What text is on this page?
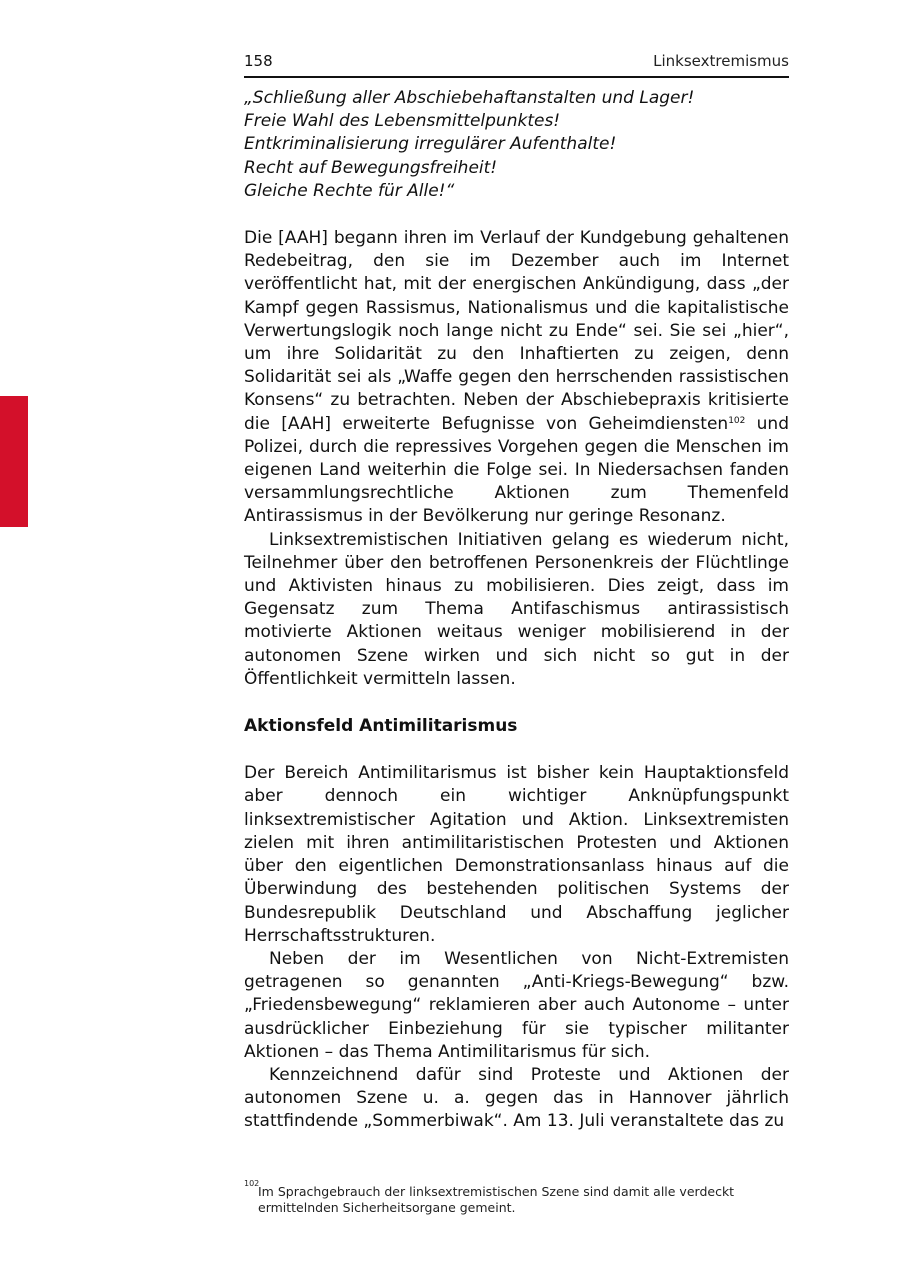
158	Linksextremismus
„Schließung aller Abschiebehaftanstalten und Lager!
Freie Wahl des Lebensmittelpunktes!
Entkriminalisierung irregulärer Aufenthalte!
Recht auf Bewegungsfreiheit!
Gleiche Rechte für Alle!“

Die [AAH] begann ihren im Verlauf der Kundgebung gehaltenen Redebeitrag, den sie im Dezember auch im Internet veröffentlicht hat, mit der energischen Ankündigung, dass „der Kampf gegen Rassismus, Nationalismus und die kapitalistische Verwertungslogik noch lange nicht zu Ende“ sei. Sie sei „hier“, um ihre Solidarität zu den Inhaftierten zu zeigen, denn Solidarität sei als „Waffe gegen den herrschenden rassistischen Konsens“ zu betrachten. Neben der Abschiebepraxis kritisierte die [AAH] erweiterte Befugnisse von Geheimdiensten$^{102}$ und Polizei, durch die repressives Vorgehen gegen die Menschen im eigenen Land weiterhin die Folge sei. In Niedersachsen fanden versammlungsrechtliche Aktionen zum Themenfeld Antirassismus in der Bevölkerung nur geringe Resonanz.

Linksextremistischen Initiativen gelang es wiederum nicht, Teilnehmer über den betroffenen Personenkreis der Flüchtlinge und Aktivisten hinaus zu mobilisieren. Dies zeigt, dass im Gegensatz zum Thema Antifaschismus antirassistisch motivierte Aktionen weitaus weniger mobilisierend in der autonomen Szene wirken und sich nicht so gut in der Öffentlichkeit vermitteln lassen.

Aktionsfeld Antimilitarismus

Der Bereich Antimilitarismus ist bisher kein Hauptaktionsfeld aber dennoch ein wichtiger Anknüpfungspunkt linksextremistischer Agitation und Aktion. Linksextremisten zielen mit ihren antimilitaristischen Protesten und Aktionen über den eigentlichen Demonstrationsanlass hinaus auf die Überwindung des bestehenden politischen Systems der Bundesrepublik Deutschland und Abschaffung jeglicher Herrschaftsstrukturen.

Neben der im Wesentlichen von Nicht-Extremisten getragenen so genannten „Anti-Kriegs-Bewegung“ bzw. „Friedensbewegung“ reklamieren aber auch Autonome – unter ausdrücklicher Einbeziehung für sie typischer militanter Aktionen – das Thema Antimilitarismus für sich.

Kennzeichnend dafür sind Proteste und Aktionen der autonomen Szene u. a. gegen das in Hannover jährlich stattfindende „Sommerbiwak“. Am 13. Juli veranstaltete das zu

102
Im Sprachgebrauch der linksextremistischen Szene sind damit alle verdeckt ermittelnden Sicherheitsorgane gemeint.
